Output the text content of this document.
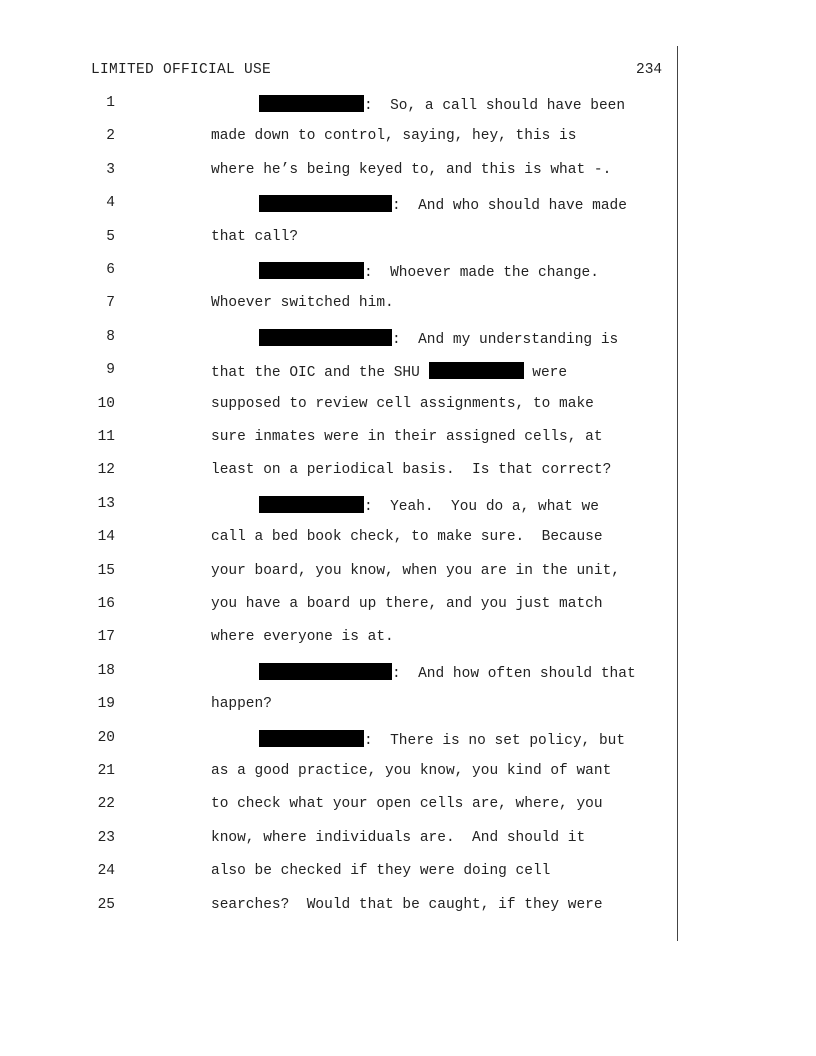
LIMITED OFFICIAL USE	234
1	:  So, a call should have been
2	made down to control, saying, hey, this is
3	where he’s being keyed to, and this is what -.
4	:  And who should have made
5	that call?
6	:  Whoever made the change.
7	Whoever switched him.
8	:  And my understanding is
9	that the OIC and the SHU	were
10	supposed to review cell assignments, to make
11	sure inmates were in their assigned cells, at
12	least on a periodical basis.  Is that correct?
13	:  Yeah.  You do a, what we
14	call a bed book check, to make sure.  Because
15	your board, you know, when you are in the unit,
16	you have a board up there, and you just match
17	where everyone is at.
18	:  And how often should that
19	happen?
20	:  There is no set policy, but
21	as a good practice, you know, you kind of want
22	to check what your open cells are, where, you
23	know, where individuals are.  And should it
24	also be checked if they were doing cell
25	searches?  Would that be caught, if they were
